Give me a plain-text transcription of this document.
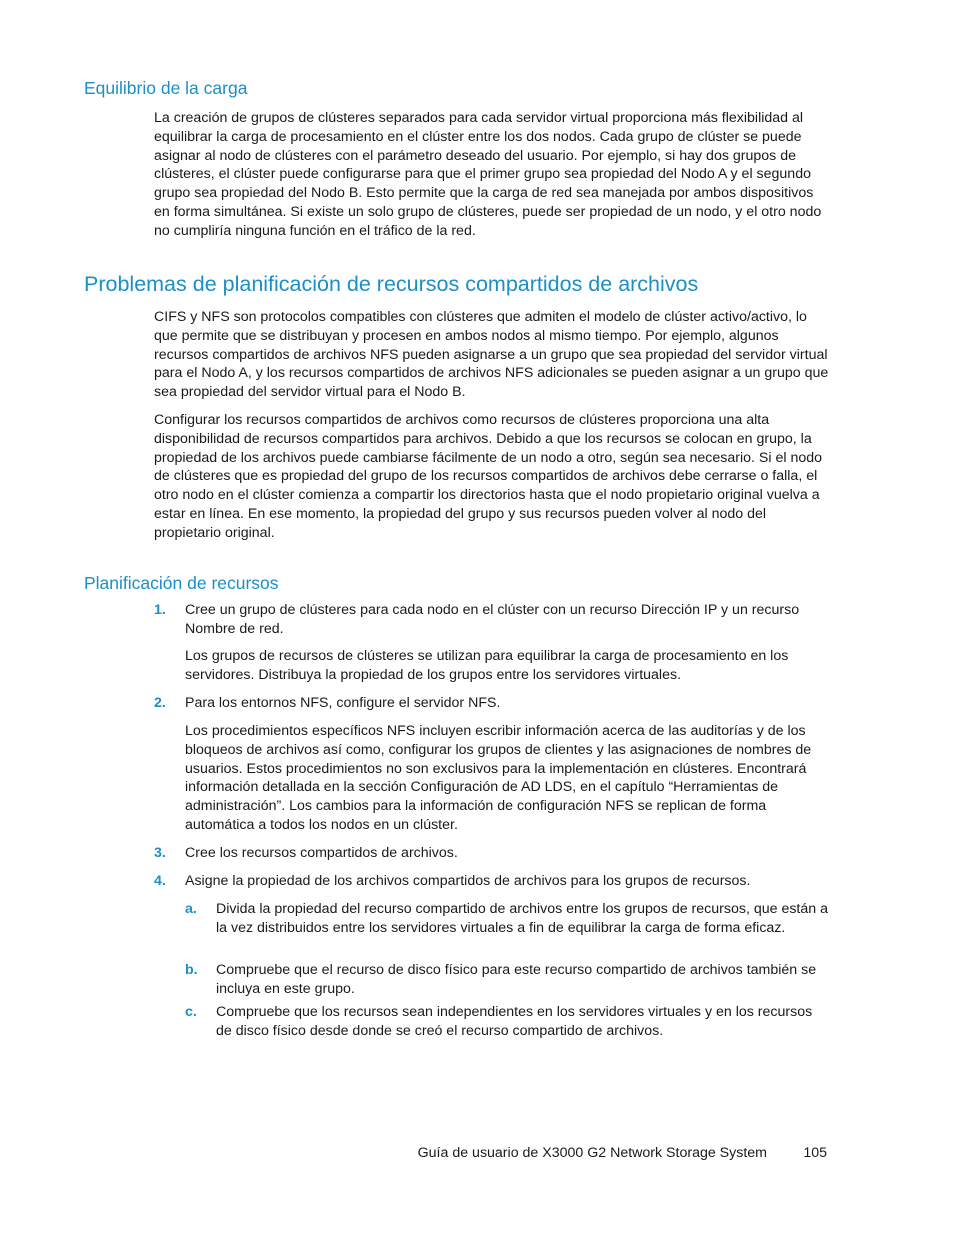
Equilibrio de la carga

La creación de grupos de clústeres separados para cada servidor virtual proporciona más flexibilidad al equilibrar la carga de procesamiento en el clúster entre los dos nodos. Cada grupo de clúster se puede asignar al nodo de clústeres con el parámetro deseado del usuario. Por ejemplo, si hay dos grupos de clústeres, el clúster puede configurarse para que el primer grupo sea propiedad del Nodo A y el segundo grupo sea propiedad del Nodo B. Esto permite que la carga de red sea manejada por ambos dispositivos en forma simultánea. Si existe un solo grupo de clústeres, puede ser propiedad de un nodo, y el otro nodo no cumpliría ninguna función en el tráfico de la red.

Problemas de planificación de recursos compartidos de archivos

CIFS y NFS son protocolos compatibles con clústeres que admiten el modelo de clúster activo/activo, lo que permite que se distribuyan y procesen en ambos nodos al mismo tiempo. Por ejemplo, algunos recursos compartidos de archivos NFS pueden asignarse a un grupo que sea propiedad del servidor virtual para el Nodo A, y los recursos compartidos de archivos NFS adicionales se pueden asignar a un grupo que sea propiedad del servidor virtual para el Nodo B.

Configurar los recursos compartidos de archivos como recursos de clústeres proporciona una alta disponibilidad de recursos compartidos para archivos. Debido a que los recursos se colocan en grupo, la propiedad de los archivos puede cambiarse fácilmente de un nodo a otro, según sea necesario. Si el nodo de clústeres que es propiedad del grupo de los recursos compartidos de archivos debe cerrarse o falla, el otro nodo en el clúster comienza a compartir los directorios hasta que el nodo propietario original vuelva a estar en línea. En ese momento, la propiedad del grupo y sus recursos pueden volver al nodo del propietario original.

Planificación de recursos
1. Cree un grupo de clústeres para cada nodo en el clúster con un recurso Dirección IP y un recurso Nombre de red.

Los grupos de recursos de clústeres se utilizan para equilibrar la carga de procesamiento en los servidores. Distribuya la propiedad de los grupos entre los servidores virtuales.

2. Para los entornos NFS, configure el servidor NFS.

Los procedimientos específicos NFS incluyen escribir información acerca de las auditorías y de los bloqueos de archivos así como, configurar los grupos de clientes y las asignaciones de nombres de usuarios. Estos procedimientos no son exclusivos para la implementación en clústeres. Encontrará información detallada en la sección Configuración de AD LDS, en el capítulo “Herramientas de administración”. Los cambios para la información de configuración NFS se replican de forma automática a todos los nodos en un clúster.

3. Cree los recursos compartidos de archivos.

4. Asigne la propiedad de los archivos compartidos de archivos para los grupos de recursos.

a. Divida la propiedad del recurso compartido de archivos entre los grupos de recursos, que están a la vez distribuidos entre los servidores virtuales a fin de equilibrar la carga de forma eficaz.

b. Compruebe que el recurso de disco físico para este recurso compartido de archivos también se incluya en este grupo.

c. Compruebe que los recursos sean independientes en los servidores virtuales y en los recursos de disco físico desde donde se creó el recurso compartido de archivos.

Guía de usuario de X3000 G2 Network Storage System	105
